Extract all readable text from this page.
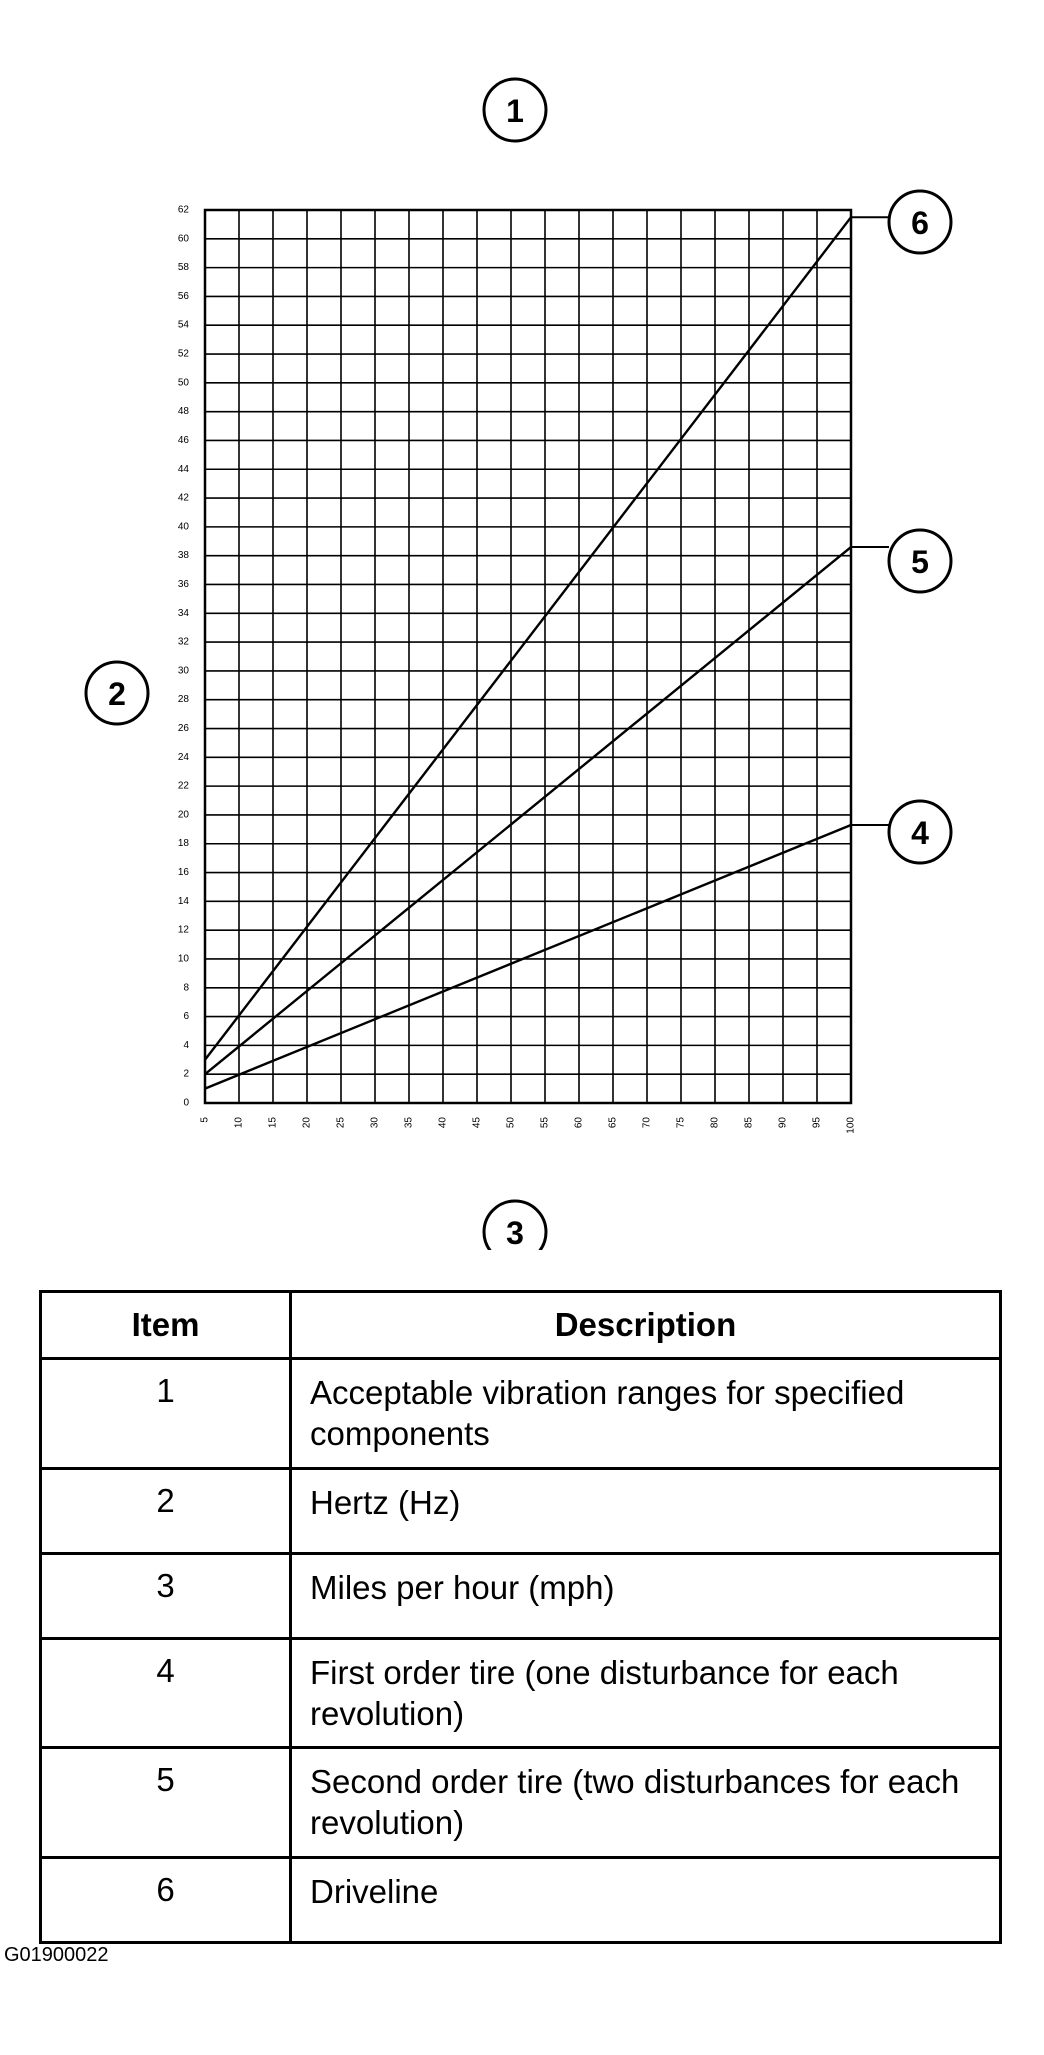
0
2
4
6
8
10
12
14
16
18
20
22
24
26
28
30
32
34
36
38
40
42
44
46
48
50
52
54
56
58
60
62
5 10 15 20 25 30 35 40 45 50 55 60 65 70 75 80 85 90 95 100
1
2
3
6
5
4
Item	Description
1	Acceptable vibration ranges for specified components
2	Hertz (Hz)
3	Miles per hour (mph)
4	First order tire (one disturbance for each revolution)
5	Second order tire (two disturbances for each revolution)
6	Driveline
G01900022
